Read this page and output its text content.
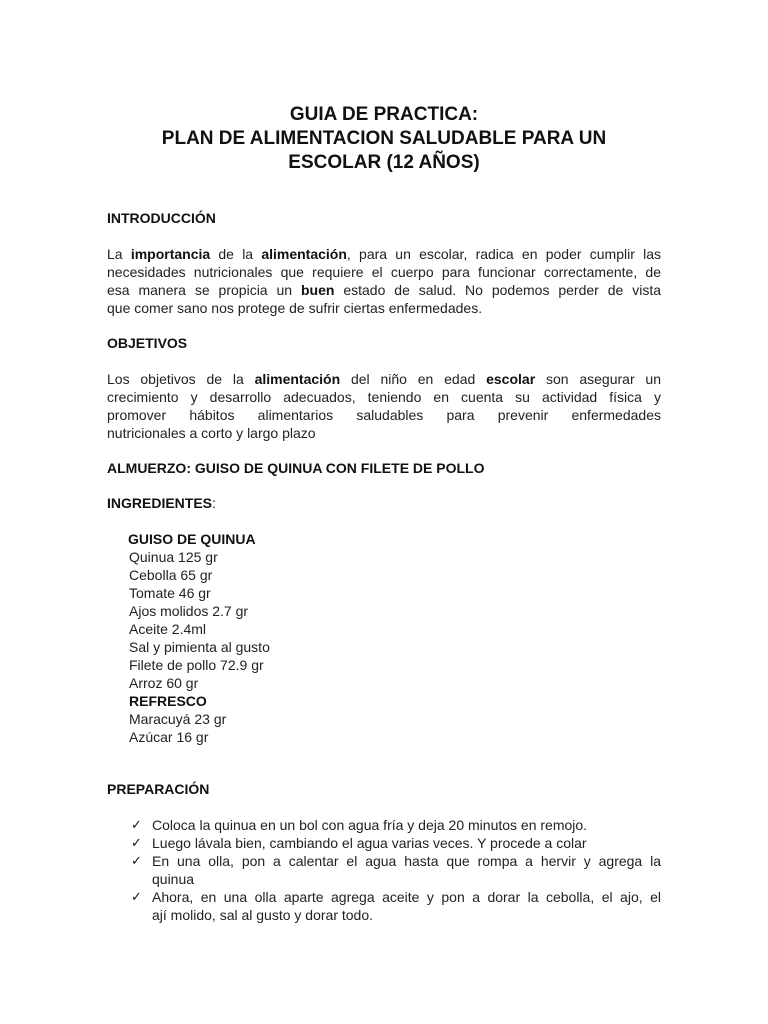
GUIA DE PRACTICA:
PLAN DE ALIMENTACION SALUDABLE PARA UN
ESCOLAR (12 AÑOS)
INTRODUCCIÓN
La importancia de la alimentación, para un escolar, radica en poder cumplir las
necesidades nutricionales que requiere el cuerpo para funcionar correctamente, de
esa manera se propicia un buen estado de salud. No podemos perder de vista
que comer sano nos protege de sufrir ciertas enfermedades.
OBJETIVOS
Los objetivos de la alimentación del niño en edad escolar son asegurar un
crecimiento y desarrollo adecuados, teniendo en cuenta su actividad física y
promover hábitos alimentarios saludables para prevenir enfermedades
nutricionales a corto y largo plazo
ALMUERZO: GUISO DE QUINUA CON FILETE DE POLLO
INGREDIENTES:
GUISO DE QUINUA
Quinua 125 gr
Cebolla 65 gr
Tomate 46 gr
Ajos molidos 2.7 gr
Aceite 2.4ml
Sal y pimienta al gusto
Filete de pollo 72.9 gr
Arroz 60 gr
REFRESCO
Maracuyá 23 gr
Azúcar 16 gr
PREPARACIÓN
✓ Coloca la quinua en un bol con agua fría y deja 20 minutos en remojo.
✓ Luego lávala bien, cambiando el agua varias veces. Y procede a colar
✓ En una olla, pon a calentar el agua hasta que rompa a hervir y agrega la
quinua
✓ Ahora, en una olla aparte agrega aceite y pon a dorar la cebolla, el ajo, el
ají molido, sal al gusto y dorar todo.
